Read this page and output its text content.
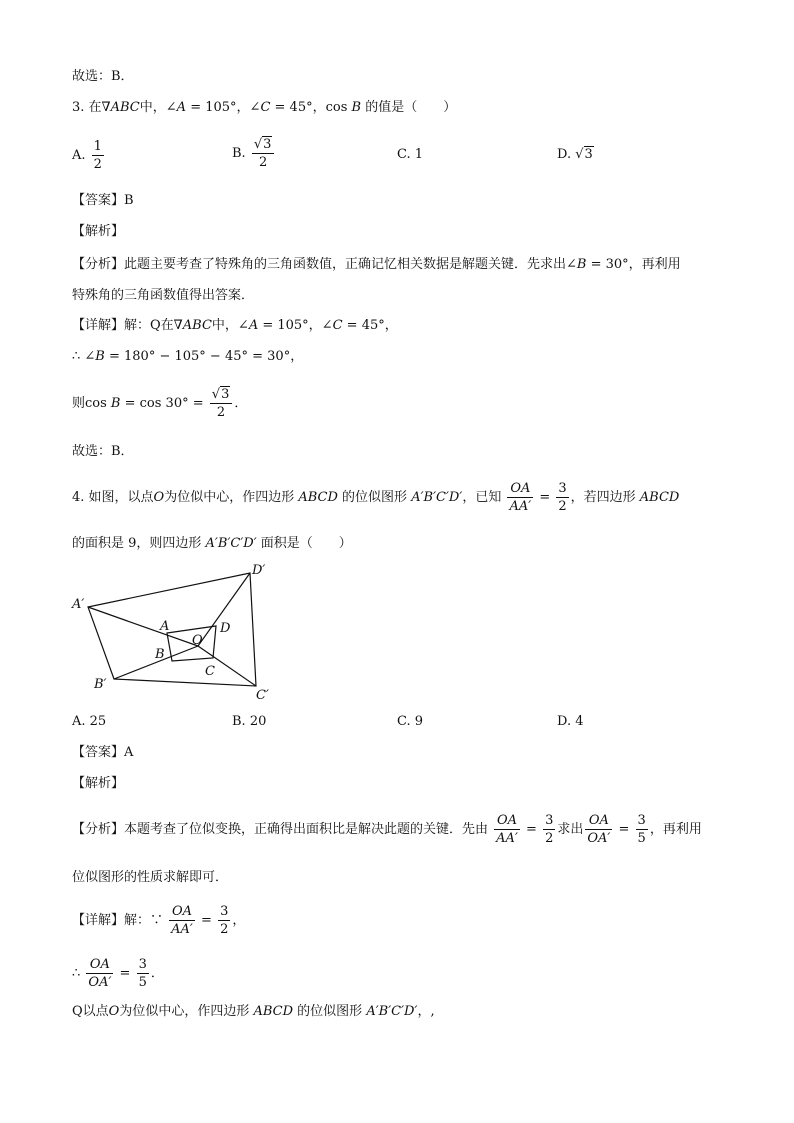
故选：B．
3. 在∇ABC中，∠A = 105°，∠C = 45°，cos B 的值是（　　）
A. $\frac{1}{2}$	B. $\frac{√3}{2}$	C. 1	D. √3
【答案】B
【解析】
【分析】此题主要考查了特殊角的三角函数值，正确记忆相关数据是解题关键．先求出∠B = 30°，再利用
特殊角的三角函数值得出答案．
【详解】解：Q在∇ABC中，∠A = 105°，∠C = 45°，
∴ ∠B = 180° − 105° − 45° = 30°，
则$\cos B = \cos 30^\circ = \frac{√3}{2}$ ．
故选：B．
4. 如图，以点O为位似中心，作四边形 ABCD 的位似图形 A′B′C′D′，已知 $\frac{OA}{AA'} = \frac{3}{2}$ ，若四边形 ABCD
的面积是 9，则四边形 A′B′C′D′ 面积是（　　）
D′
A′
B′
C′
A
B
C
D
O
A. 25	B. 20	C. 9	D. 4
【答案】A
【解析】
【分析】本题考查了位似变换，正确得出面积比是解决此题的关键．先由 $\frac{OA}{AA'} = \frac{3}{2}$ 求出 $\frac{OA}{OA'} = \frac{3}{5}$ ，再利用
位似图形的性质求解即可．
【详解】解：∵ $\frac{OA}{AA'} = \frac{3}{2}$ ，
∴ $\frac{OA}{OA'} = \frac{3}{5}$ ．
Q以点O为位似中心，作四边形 ABCD 的位似图形 A′B′C′D′，,
